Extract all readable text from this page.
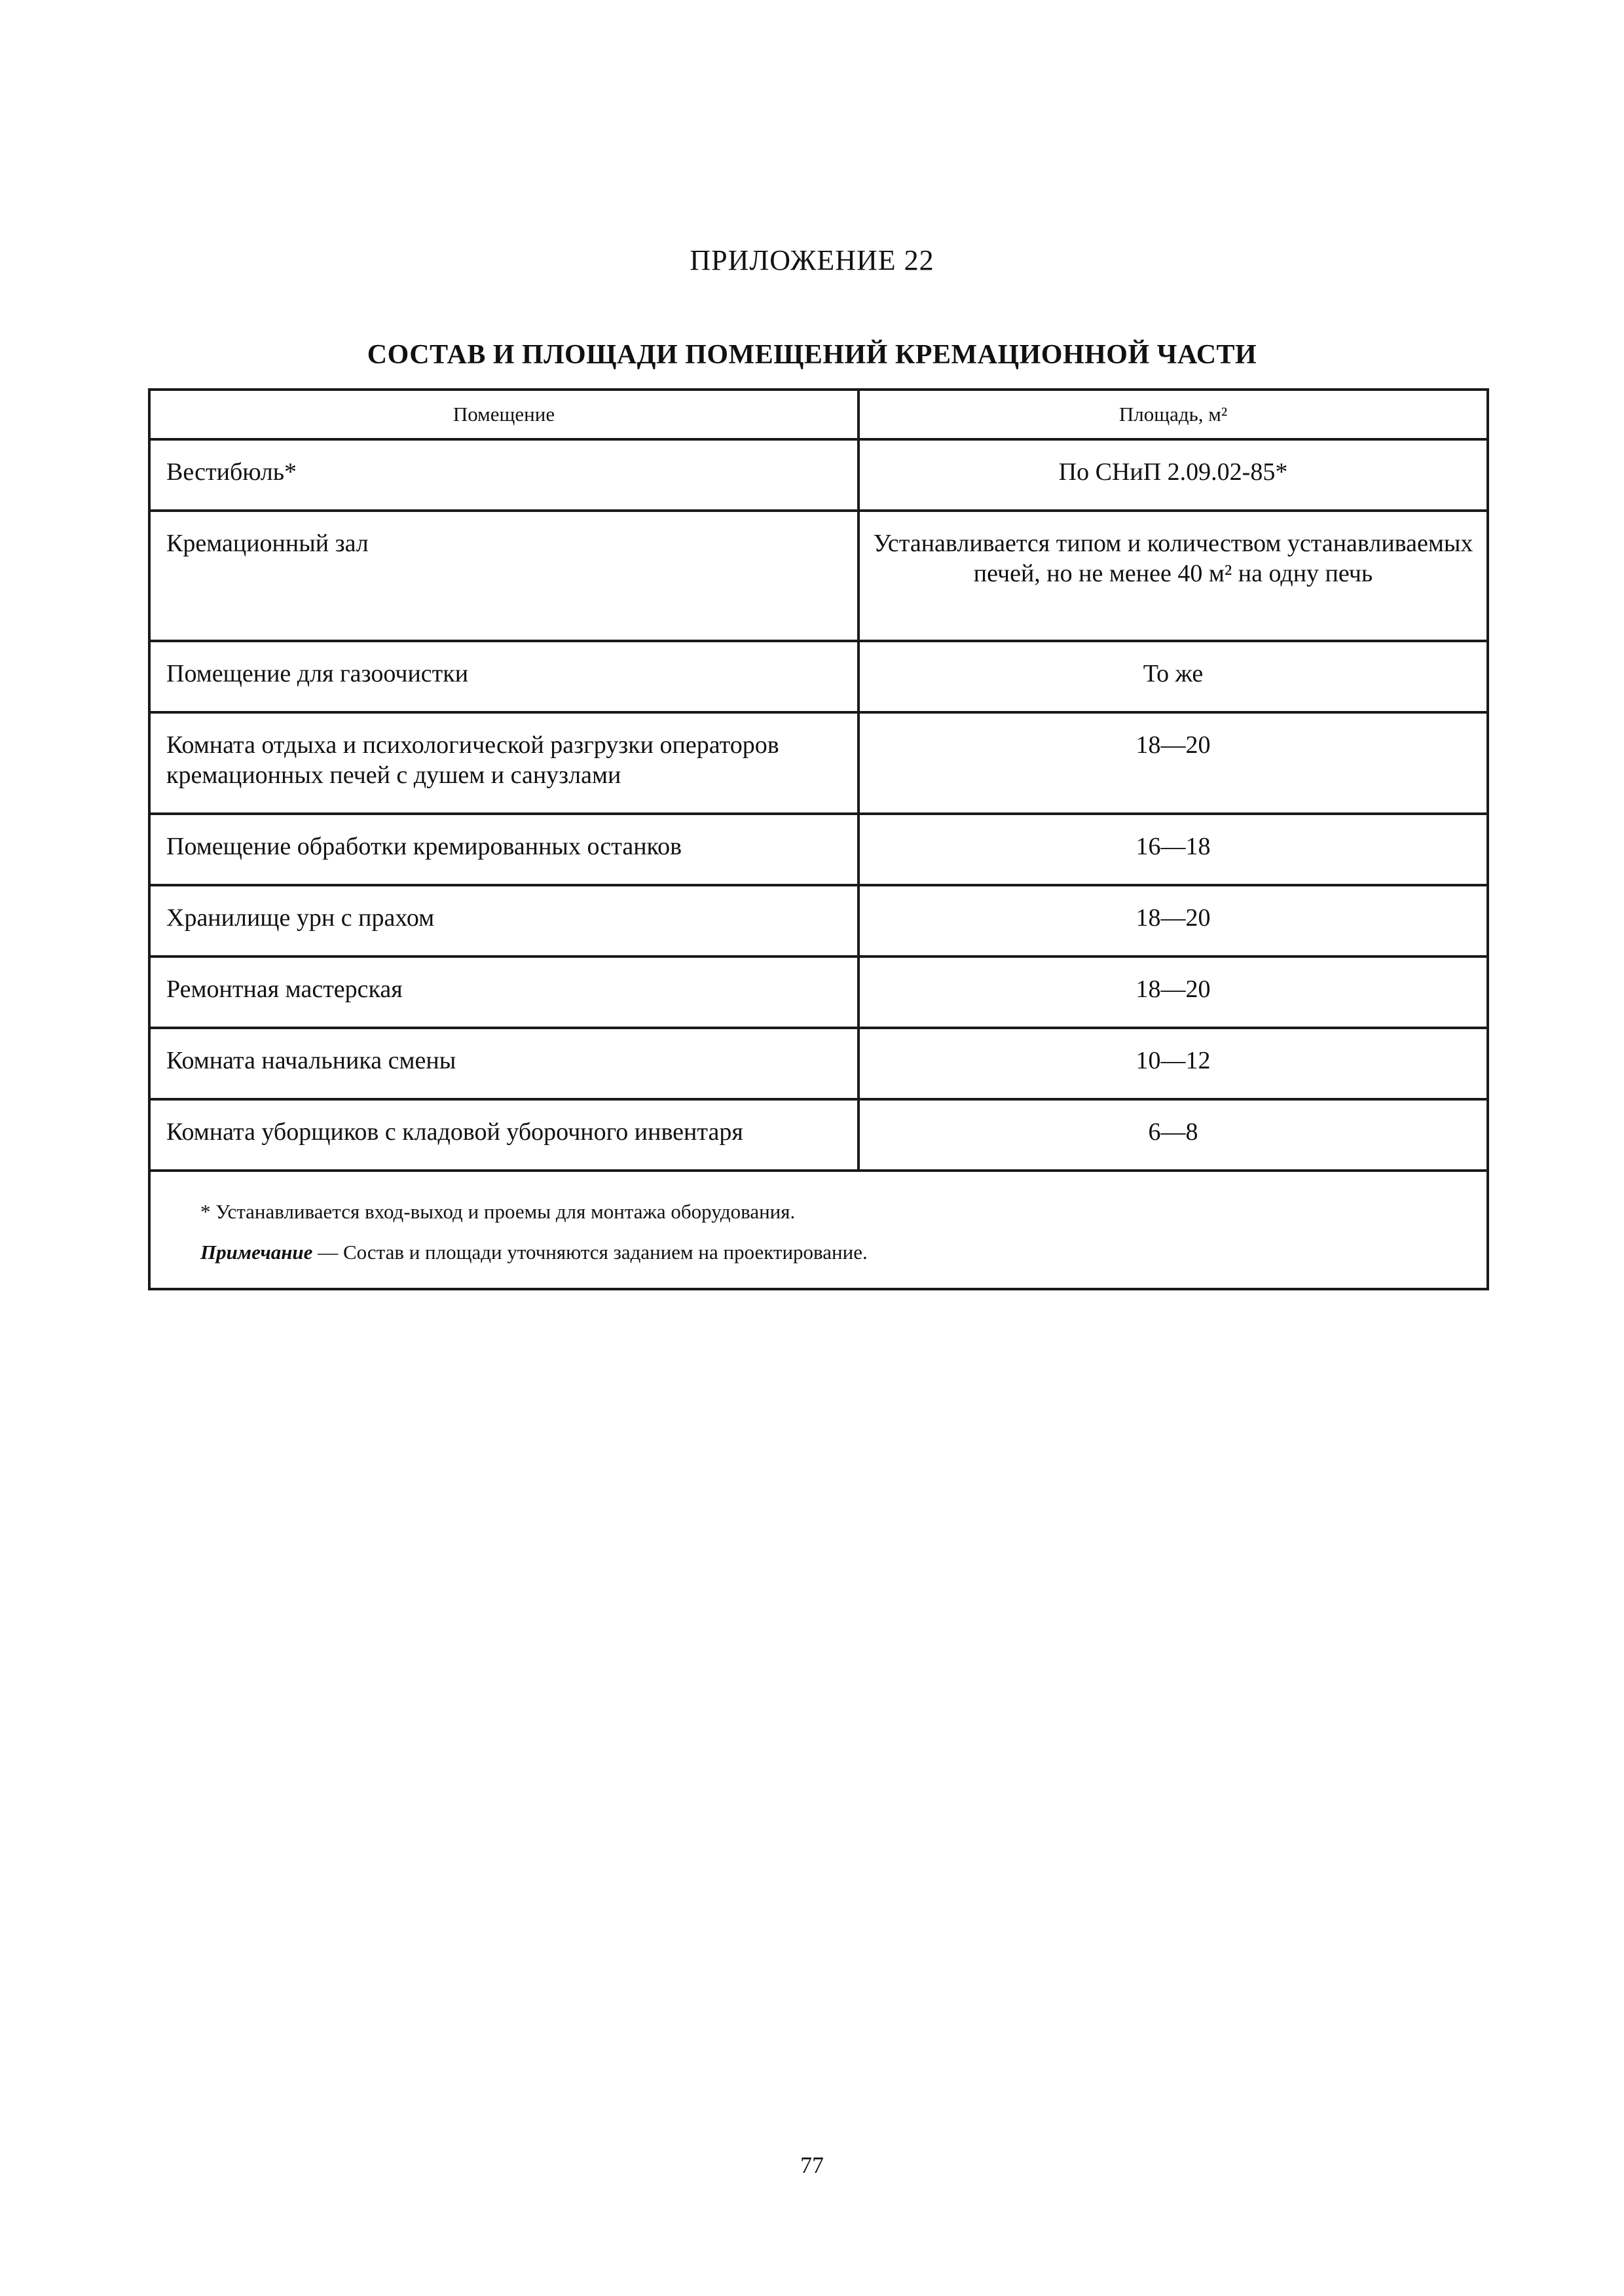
ПРИЛОЖЕНИЕ 22
СОСТАВ И ПЛОЩАДИ ПОМЕЩЕНИЙ КРЕМАЦИОННОЙ ЧАСТИ
Помещение	Площадь, м²
Вестибюль*	По СНиП 2.09.02-85*
Кремационный зал	Устанавливается типом и количеством устанавливаемых печей, но не менее 40 м² на одну печь
Помещение для газоочистки	То же
Комната отдыха и психологической разгрузки операторов кремационных печей с душем и санузлами	18—20
Помещение обработки кремированных останков	16—18
Хранилище урн с прахом	18—20
Ремонтная мастерская	18—20
Комната начальника смены	10—12
Комната уборщиков с кладовой уборочного инвентаря	6—8

* Устанавливается вход-выход и проемы для монтажа оборудования.
Примечание — Состав и площади уточняются заданием на проектирование.	
77
